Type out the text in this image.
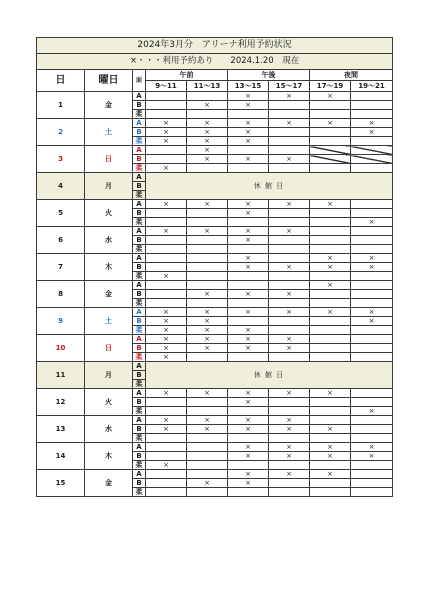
2024年3月分　アリーナ利用予約状況								
×・・・利用予約あり　　2024.1.20　現在								
日	曜日	面	午前		午後		夜間	
			9～11	11～13	13～15	15～17	17～19	19～21
1	金	A			×	×	×	
		B		×	×			
		柔						
2	土	A	×	×	×	×	×	×
		B	×	×	×			×
		柔	×	×	×			
3	日	A		×				
		B		×	×	×		
		柔	×					
4	月	A	休 館 日					
		B						
		柔						
5	火	A	×	×	×	×	×	
		B			×			
		柔						×
6	水	A	×	×	×	×		
		B			×			
		柔						
7	木	A			×		×	×
		B			×	×	×	×
		柔	×					
8	金	A					×	
		B		×	×	×		
		柔						
9	土	A	×	×	×	×	×	×
		B	×	×				×
		柔	×	×	×			
10	日	A	×	×	×	×		
		B	×	×	×	×		
		柔	×					
11	月	A	休 館 日					
		B						
		柔						
12	火	A	×	×	×	×	×	
		B			×			
		柔						×
13	水	A	×	×	×	×		
		B	×	×	×	×	×	
		柔						
14	木	A			×	×	×	×
		B			×	×	×	×
		柔	×					
15	金	A			×	×	×	
		B		×	×			
		柔						
